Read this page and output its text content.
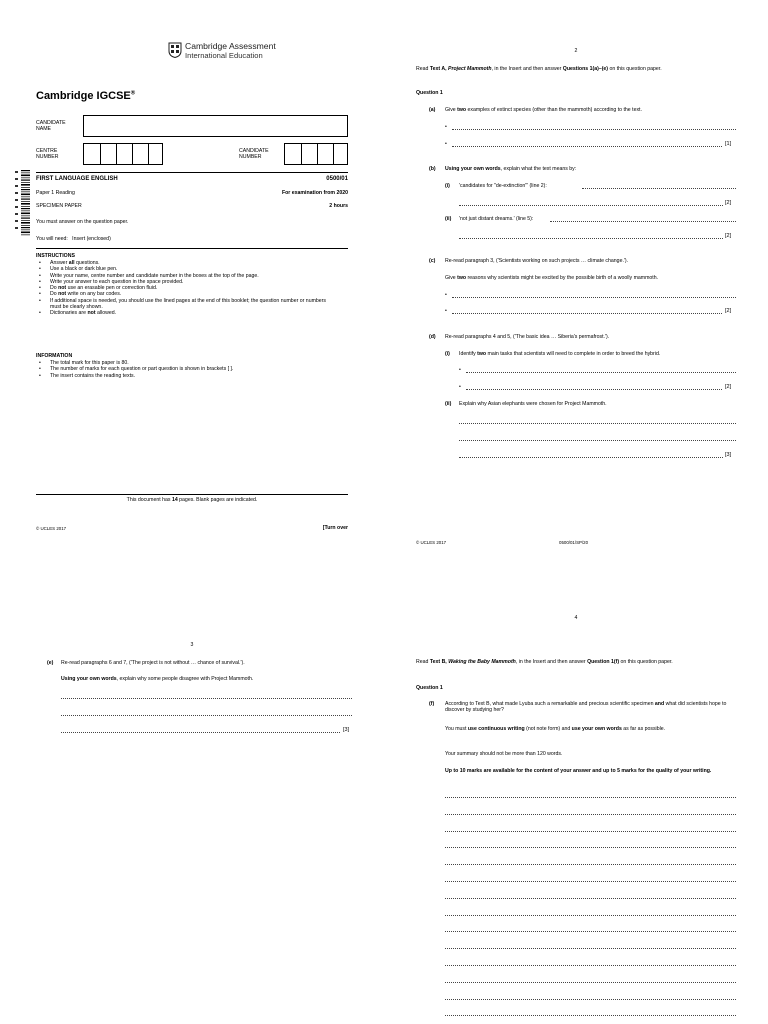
Cambridge Assessment
International Education
Cambridge IGCSE®
CANDIDATE
NAME
CENTRE
NUMBER
CANDIDATE
NUMBER
FIRST LANGUAGE ENGLISH	0500/01
Paper 1 Reading	For examination from 2020
SPECIMEN PAPER	2 hours
You must answer on the question paper.
You will need: Insert (enclosed)
INSTRUCTIONS
• Answer all questions.
• Use a black or dark blue pen.
• Write your name, centre number and candidate number in the boxes at the top of the page.
• Write your answer to each question in the space provided.
• Do not use an erasable pen or correction fluid.
• Do not write on any bar codes.
• If additional space is needed, you should use the lined pages at the end of this booklet; the question number or numbers must be clearly shown.
• Dictionaries are not allowed.
INFORMATION
• The total mark for this paper is 80.
• The number of marks for each question or part question is shown in brackets [ ].
• The insert contains the reading texts.
This document has 14 pages. Blank pages are indicated.
© UCLES 2017	[Turn over
2
Read Text A, Project Mammoth, in the Insert and then answer Questions 1(a)–(e) on this question paper.
Question 1
(a) Give two examples of extinct species (other than the mammoth) according to the text.
•
•	[1]
(b) Using your own words, explain what the text means by:
(i) 'candidates for "de-extinction"' (line 2):
[2]
(ii) 'not just distant dreams.' (line 5):
[2]
(c) Re-read paragraph 3, ('Scientists working on such projects … climate change.').
Give two reasons why scientists might be excited by the possible birth of a woolly mammoth.
•
•	[2]
(d) Re-read paragraphs 4 and 5, ('The basic idea … Siberia's permafrost.').
(i) Identify two main tasks that scientists will need to complete in order to breed the hybrid.
•
•	[2]
(ii) Explain why Asian elephants were chosen for Project Mammoth.
[3]
© UCLES 2017	0500/01/SP/20
3
(e) Re-read paragraphs 6 and 7, ('The project is not without … chance of survival.').
Using your own words, explain why some people disagree with Project Mammoth.
[3]
4
Read Text B, Waking the Baby Mammoth, in the Insert and then answer Question 1(f) on this question paper.
Question 1
(f) According to Text B, what made Lyuba such a remarkable and precious scientific specimen and what did scientists hope to discover by studying her?
You must use continuous writing (not note form) and use your own words as far as possible.
Your summary should not be more than 120 words.
Up to 10 marks are available for the content of your answer and up to 5 marks for the quality of your writing.
